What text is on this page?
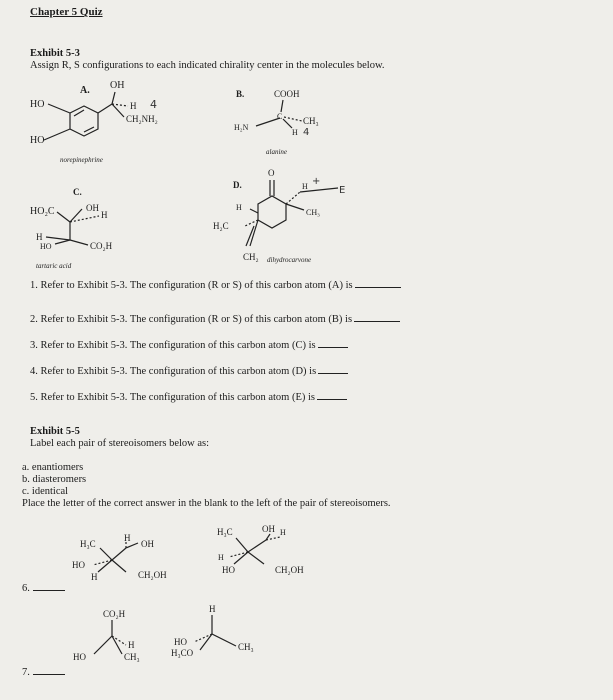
Chapter 5 Quiz
Exhibit 5-3
Assign R, S configurations to each indicated chirality center in the molecules below.
A. OH
HO
HO
H 4
CH₂NH₂
norepinephrine
B.	COOH
H₂N
C CH₃
H 4
alanine
C.
HO₂C	OH
H
H
HO	CO₂H
tartaric acid
D.
O
H +
E
H
CH₃
H₂C
CH₂ dihydrocarvone
H₃C
H
OH
HO
H	CH₂OH
H₃C	OH H
H
HO	CH₂OH
CO₂H
H
HO	CH₃
H
HO
H₃CO
CH₃
1. Refer to Exhibit 5-3. The configuration (R or S) of this carbon atom (A) is
2. Refer to Exhibit 5-3. The configuration (R or S) of this carbon atom (B) is
3. Refer to Exhibit 5-3. The configuration of this carbon atom (C) is
4. Refer to Exhibit 5-3. The configuration of this carbon atom (D) is
5. Refer to Exhibit 5-3. The configuration of this carbon atom (E) is
Exhibit 5-5
Label each pair of stereoisomers below as:
a. enantiomers
b. diasteromers
c. identical
Place the letter of the correct answer in the blank to the left of the pair of stereoisomers.
6.
7.
